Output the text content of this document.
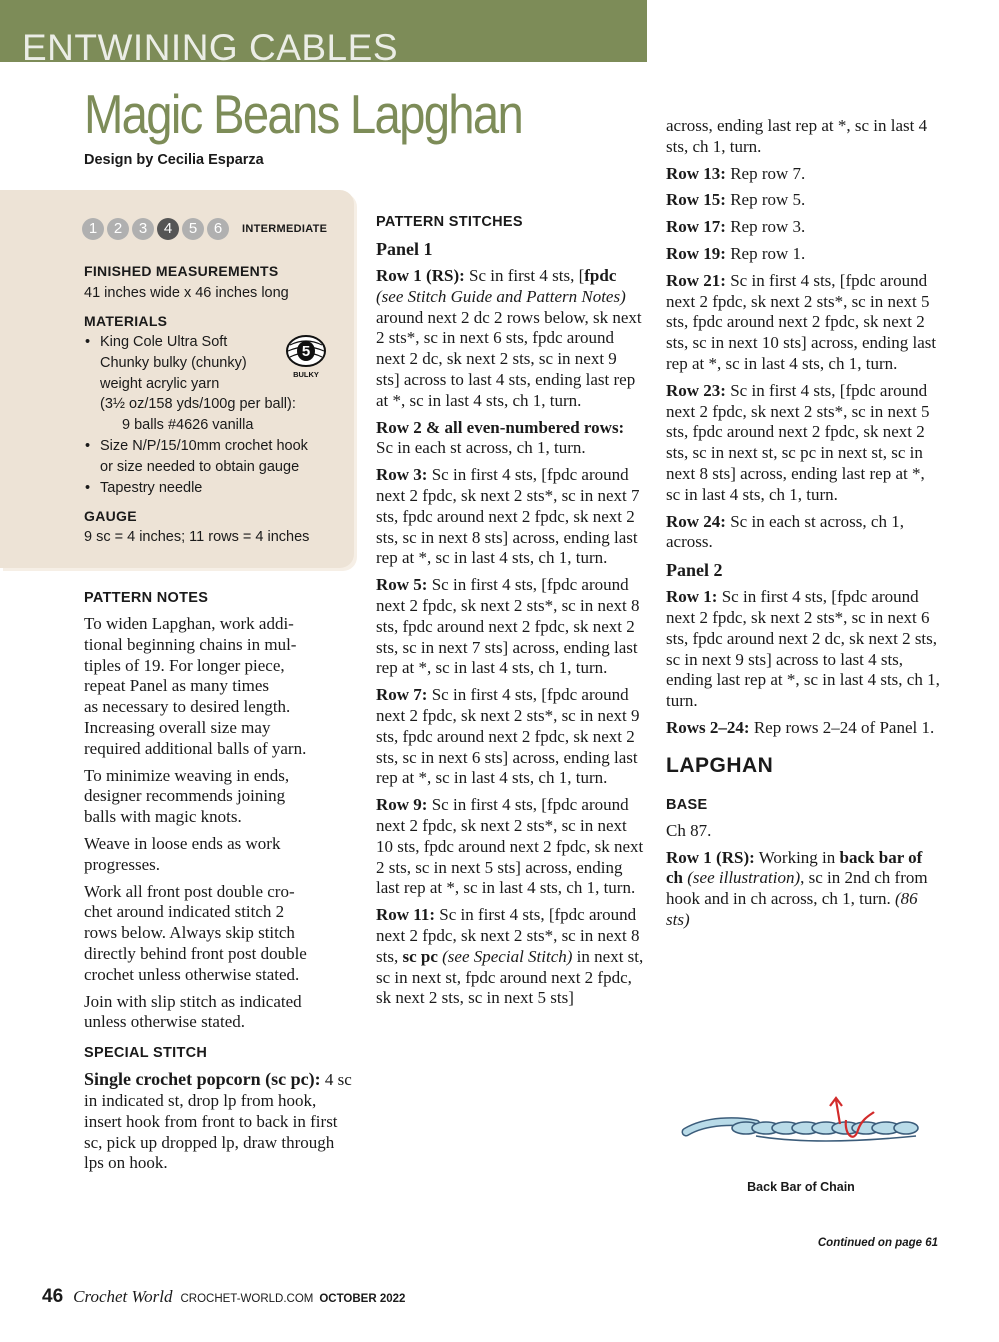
ENTWINING CABLES
Magic Beans Lapghan
Design by Cecilia Esparza
1	2	3	4	5	6	INTERMEDIATE
FINISHED MEASUREMENTS
41 inches wide x 46 inches long
MATERIALS
• King Cole Ultra Soft
Chunky bulky (chunky)
weight acrylic yarn
(3½ oz/158 yds/100g per ball):
9 balls #4626 vanilla
• Size N/P/15/10mm crochet hook
or size needed to obtain gauge
• Tapestry needle
5
BULKY
GAUGE
9 sc = 4 inches; 11 rows = 4 inches
PATTERN NOTES

To widen Lapghan, work addi-
tional beginning chains in mul-
tiples of 19. For longer piece,
repeat Panel as many times
as necessary to desired length.
Increasing overall size may
required additional balls of yarn.

To minimize weaving in ends,
designer recommends joining
balls with magic knots.

Weave in loose ends as work
progresses.

Work all front post double cro-
chet around indicated stitch 2
rows below. Always skip stitch
directly behind front post double
crochet unless otherwise stated.

Join with slip stitch as indicated
unless otherwise stated.

SPECIAL STITCH

Single crochet popcorn (sc pc): 4 sc in indicated st, drop lp from hook, insert hook from front to back in first sc, pick up dropped lp, draw through lps on hook.

PATTERN STITCHES
Panel 1

Row 1 (RS): Sc in first 4 sts, [fpdc (see Stitch Guide and Pattern Notes) around next 2 dc 2 rows below, sk next 2 sts*, sc in next 6 sts, fpdc around next 2 dc, sk next 2 sts, sc in next 9 sts] across to last 4 sts, ending last rep at *, sc in last 4 sts, ch 1, turn.

Row 2 & all even-numbered rows: Sc in each st across, ch 1, turn.

Row 3: Sc in first 4 sts, [fpdc around next 2 fpdc, sk next 2 sts*, sc in next 7 sts, fpdc around next 2 fpdc, sk next 2 sts, sc in next 8 sts] across, ending last rep at *, sc in last 4 sts, ch 1, turn.

Row 5: Sc in first 4 sts, [fpdc around next 2 fpdc, sk next 2 sts*, sc in next 8 sts, fpdc around next 2 fpdc, sk next 2 sts, sc in next 7 sts] across, ending last rep at *, sc in last 4 sts, ch 1, turn.

Row 7: Sc in first 4 sts, [fpdc around next 2 fpdc, sk next 2 sts*, sc in next 9 sts, fpdc around next 2 fpdc, sk next 2 sts, sc in next 6 sts] across, ending last rep at *, sc in last 4 sts, ch 1, turn.

Row 9: Sc in first 4 sts, [fpdc around next 2 fpdc, sk next 2 sts*, sc in next 10 sts, fpdc around next 2 fpdc, sk next 2 sts, sc in next 5 sts] across, ending last rep at *, sc in last 4 sts, ch 1, turn.

Row 11: Sc in first 4 sts, [fpdc around next 2 fpdc, sk next 2 sts*, sc in next 8 sts, sc pc (see Special Stitch) in next st, sc in next st, fpdc around next 2 fpdc, sk next 2 sts, sc in next 5 sts]

across, ending last rep at *, sc in last 4 sts, ch 1, turn.

Row 13: Rep row 7.

Row 15: Rep row 5.

Row 17: Rep row 3.

Row 19: Rep row 1.

Row 21: Sc in first 4 sts, [fpdc around next 2 fpdc, sk next 2 sts*, sc in next 5 sts, fpdc around next 2 fpdc, sk next 2 sts, sc in next 10 sts] across, ending last rep at *, sc in last 4 sts, ch 1, turn.

Row 23: Sc in first 4 sts, [fpdc around next 2 fpdc, sk next 2 sts*, sc in next 5 sts, fpdc around next 2 fpdc, sk next 2 sts, sc in next st, sc pc in next st, sc in next 8 sts] across, ending last rep at *, sc in last 4 sts, ch 1, turn.

Row 24: Sc in each st across, ch 1, across.

Panel 2

Row 1: Sc in first 4 sts, [fpdc around next 2 fpdc, sk next 2 sts*, sc in next 6 sts, fpdc around next 2 dc, sk next 2 sts, sc in next 9 sts] across to last 4 sts, ending last rep at *, sc in last 4 sts, ch 1, turn.

Rows 2–24: Rep rows 2–24 of Panel 1.

LAPGHAN
BASE

Ch 87.

Row 1 (RS): Working in back bar of ch (see illustration), sc in 2nd ch from hook and in ch across, ch 1, turn. (86 sts)

Back Bar of Chain
Continued on page 61
46 Crochet World CROCHET-WORLD.COM OCTOBER 2022
